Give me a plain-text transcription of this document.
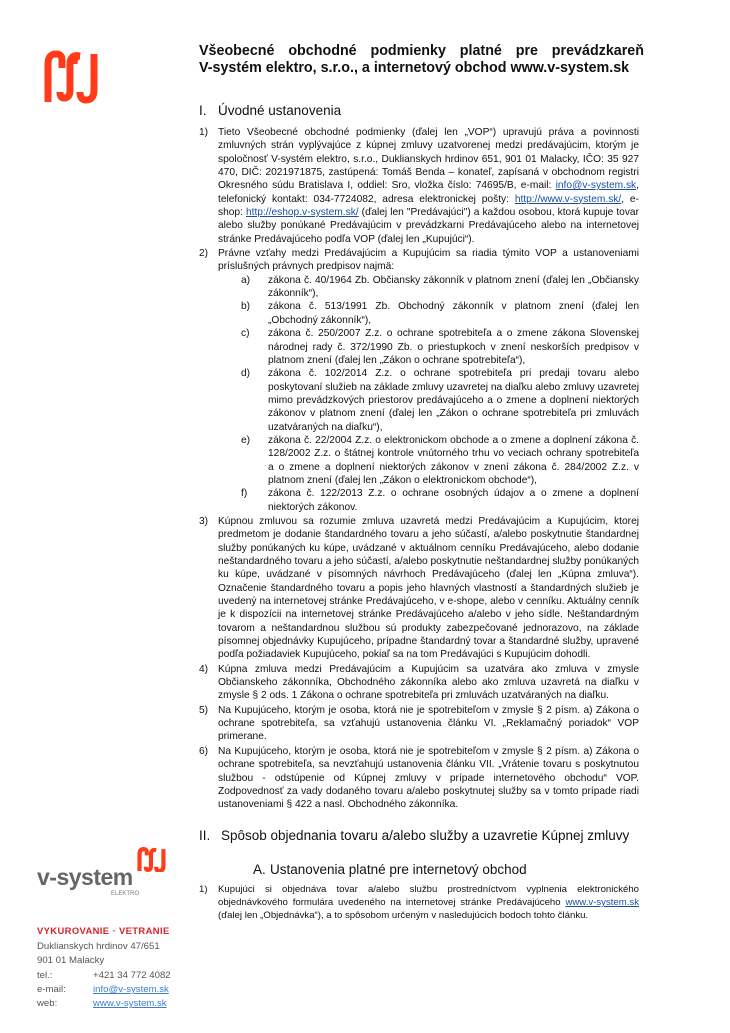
Všeobecné obchodné podmienky platné pre prevádzkareň
V-systém elektro, s.r.o., a internetový obchod www.v-system.sk
I. Úvodné ustanovenia
1) Tieto Všeobecné obchodné podmienky (ďalej len „VOP“) upravujú práva a povinnosti zmluvných strán vyplývajúce z kúpnej zmluvy uzatvorenej medzi predávajúcim, ktorým je spoločnosť V-systém elektro, s.r.o., Duklianskych hrdinov 651, 901 01 Malacky, IČO: 35 927 470, DIČ: 2021971875, zastúpená: Tomáš Benda – konateľ, zapísaná v obchodnom registri Okresného súdu Bratislava I, oddiel: Sro, vložka číslo: 74695/B, e-mail: info@v-system.sk, telefonický kontakt: 034-7724082, adresa elektronickej pošty: http://www.v-system.sk/, e-shop: http://eshop.v-system.sk/ (ďalej len "Predávajúci") a každou osobou, ktorá kupuje tovar alebo služby ponúkané Predávajúcim v prevádzkarni Predávajúceho alebo na internetovej stránke Predávajúceho podľa VOP (ďalej len „Kupujúci“).
2) Právne vzťahy medzi Predávajúcim a Kupujúcim sa riadia týmito VOP a ustanoveniami príslušných právnych predpisov najmä:
a) zákona č. 40/1964 Zb. Občiansky zákonník v platnom znení (ďalej len „Občiansky zákonník“),
b) zákona č. 513/1991 Zb. Obchodný zákonník v platnom znení (ďalej len „Obchodný zákonník“),
c) zákona č. 250/2007 Z.z. o ochrane spotrebiteľa a o zmene zákona Slovenskej národnej rady č. 372/1990 Zb. o priestupkoch v znení neskorších predpisov v platnom znení (ďalej len „Zákon o ochrane spotrebiteľa“),
d) zákona č. 102/2014 Z.z. o ochrane spotrebiteľa pri predaji tovaru alebo poskytovaní služieb na základe zmluvy uzavretej na diaľku alebo zmluvy uzavretej mimo prevádzkových priestorov predávajúceho a o zmene a doplnení niektorých zákonov v platnom znení (ďalej len „Zákon o ochrane spotrebiteľa pri zmluvách uzatváraných na diaľku“),
e) zákona č. 22/2004 Z.z. o elektronickom obchode a o zmene a doplnení zákona č. 128/2002 Z.z. o štátnej kontrole vnútorného trhu vo veciach ochrany spotrebiteľa a o zmene a doplnení niektorých zákonov v znení zákona č. 284/2002 Z.z. v platnom znení (ďalej len „Zákon o elektronickom obchode“),
f) zákona č. 122/2013 Z.z. o ochrane osobných údajov a o zmene a doplnení niektorých zákonov.
3) Kúpnou zmluvou sa rozumie zmluva uzavretá medzi Predávajúcim a Kupujúcim, ktorej predmetom je dodanie štandardného tovaru a jeho súčastí, a/alebo poskytnutie štandardnej služby ponúkaných ku kúpe, uvádzané v aktuálnom cenníku Predávajúceho, alebo dodanie neštandardného tovaru a jeho súčastí, a/alebo poskytnutie neštandardnej služby ponúkaných ku kúpe, uvádzané v písomných návrhoch Predávajúceho (ďalej len „Kúpna zmluva“). Označenie štandardného tovaru a popis jeho hlavných vlastností a štandardných služieb je uvedený na internetovej stránke Predávajúceho, v e-shope, alebo v cenníku. Aktuálny cenník je k dispozícii na internetovej stránke Predávajúceho a/alebo v jeho sídle. Neštandardným tovarom a neštandardnou službou sú produkty zabezpečované jednorazovo, na základe písomnej objednávky Kupujúceho, prípadne štandardný tovar a štandardné služby, upravené podľa požiadaviek Kupujúceho, pokiaľ sa na tom Predávajúci s Kupujúcim dohodli.
4) Kúpna zmluva medzi Predávajúcim a Kupujúcim sa uzatvára ako zmluva v zmysle Občianskeho zákonníka, Obchodného zákonníka alebo ako zmluva uzavretá na diaľku v zmysle § 2 ods. 1 Zákona o ochrane spotrebiteľa pri zmluvách uzatváraných na diaľku.
5) Na Kupujúceho, ktorým je osoba, ktorá nie je spotrebiteľom v zmysle § 2 písm. a) Zákona o ochrane spotrebiteľa, sa vzťahujú ustanovenia článku VI. „Reklamačný poriadok“ VOP primerane.
6) Na Kupujúceho, ktorým je osoba, ktorá nie je spotrebiteľom v zmysle § 2 písm. a) Zákona o ochrane spotrebiteľa, sa nevzťahujú ustanovenia článku VII. „Vrátenie tovaru s poskytnutou službou - odstúpenie od Kúpnej zmluvy v prípade internetového obchodu“ VOP. Zodpovednosť za vady dodaného tovaru a/alebo poskytnutej služby sa v tomto prípade riadi ustanoveniami § 422 a nasl. Obchodného zákonníka.
II. Spôsob objednania tovaru a/alebo služby a uzavretie Kúpnej zmluvy
A. Ustanovenia platné pre internetový obchod
1) Kupujúci si objednáva tovar a/alebo službu prostredníctvom vyplnenia elektronického objednávkového formulára uvedeného na internetovej stránke Predávajúceho www.v-system.sk (ďalej len „Objednávka“), a to spôsobom určeným v nasledujúcich bodoch tohto článku.
v-system
ELEKTRO
VYKUROVANIE · VETRANIE
Duklianskych hrdinov 47/651
901 01 Malacky
tel.:	+421 34 772 4082
e-mail:	info@v-system.sk
web:	www.v-system.sk
